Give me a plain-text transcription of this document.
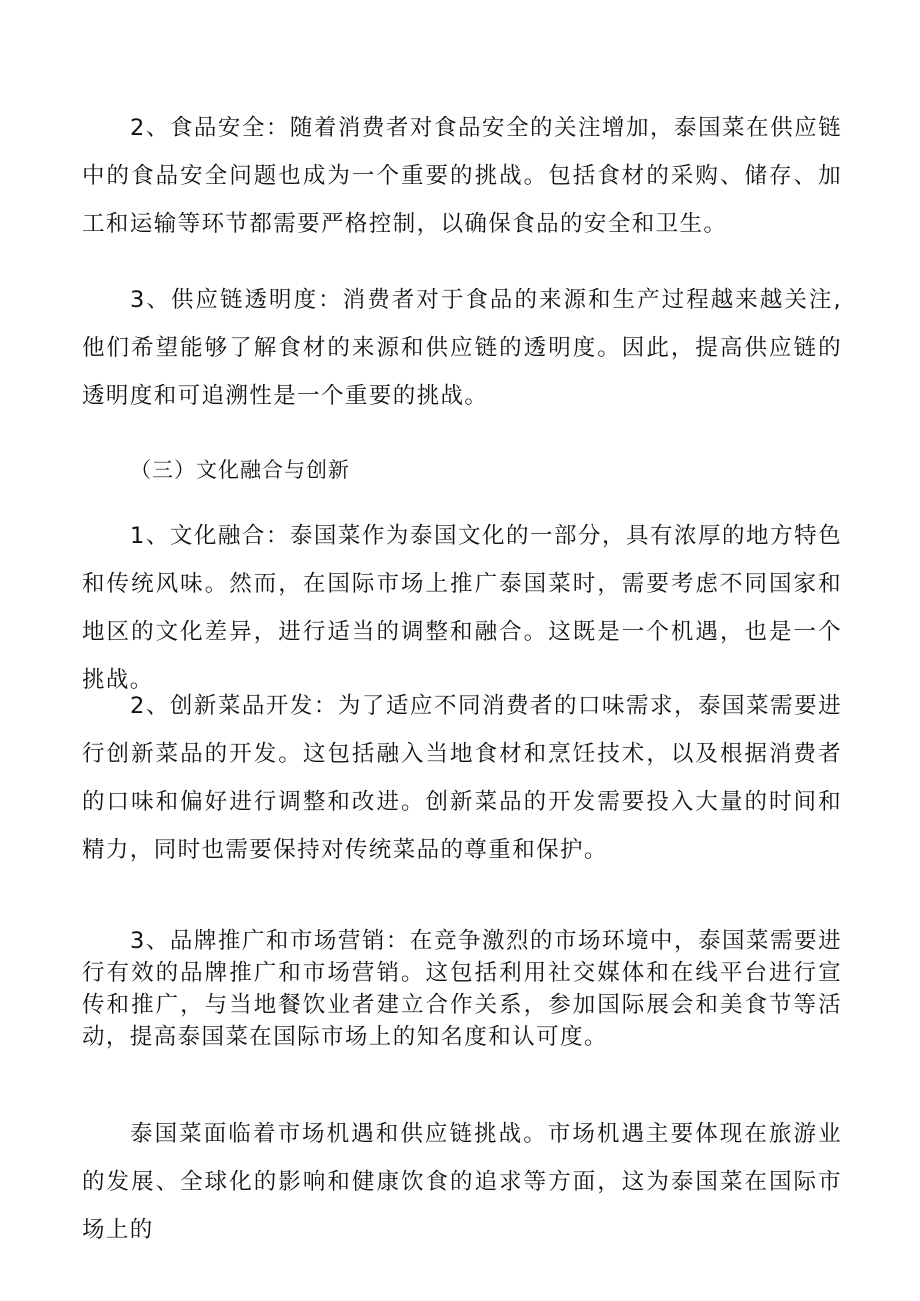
2、食品安全：随着消费者对食品安全的关注增加，泰国菜在供应链中的食品安全问题也成为一个重要的挑战。包括食材的采购、储存、加工和运输等环节都需要严格控制，以确保食品的安全和卫生。

3、供应链透明度：消费者对于食品的来源和生产过程越来越关注,他们希望能够了解食材的来源和供应链的透明度。因此，提高供应链的透明度和可追溯性是一个重要的挑战。

（三）文化融合与创新

1、文化融合：泰国菜作为泰国文化的一部分，具有浓厚的地方特色和传统风味。然而，在国际市场上推广泰国菜时，需要考虑不同国家和地区的文化差异，进行适当的调整和融合。这既是一个机遇，也是一个挑战。

2、创新菜品开发：为了适应不同消费者的口味需求，泰国菜需要进行创新菜品的开发。这包括融入当地食材和烹饪技术，以及根据消费者的口味和偏好进行调整和改进。创新菜品的开发需要投入大量的时间和精力，同时也需要保持对传统菜品的尊重和保护。

3、品牌推广和市场营销：在竞争激烈的市场环境中，泰国菜需要进行有效的品牌推广和市场营销。这包括利用社交媒体和在线平台进行宣传和推广，与当地餐饮业者建立合作关系，参加国际展会和美食节等活动，提高泰国菜在国际市场上的知名度和认可度。

泰国菜面临着市场机遇和供应链挑战。市场机遇主要体现在旅游业的发展、全球化的影响和健康饮食的追求等方面，这为泰国菜在国际市场上的
